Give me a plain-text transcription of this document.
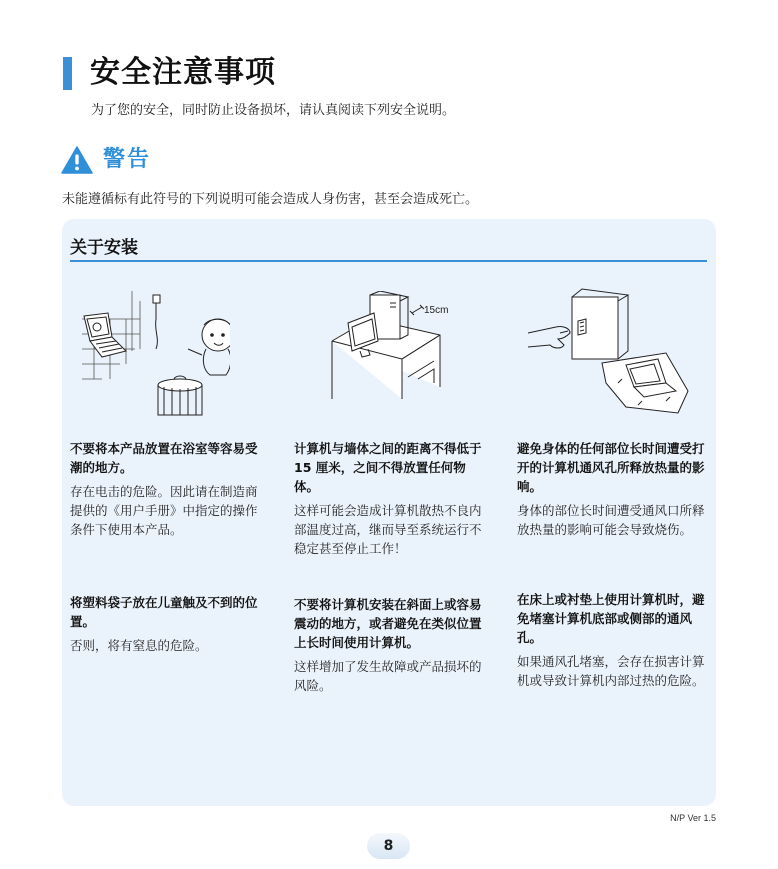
安全注意事项
为了您的安全，同时防止设备损坏，请认真阅读下列安全说明。
警告
未能遵循标有此符号的下列说明可能会造成人身伤害，甚至会造成死亡。
关于安装
15cm
不要将本产品放置在浴室等容易受潮的地方。
存在电击的危险。因此请在制造商提供的《用户手册》中指定的操作条件下使用本产品。
计算机与墙体之间的距离不得低于 15 厘米，之间不得放置任何物体。
这样可能会造成计算机散热不良内部温度过高，继而导至系统运行不稳定甚至停止工作！
避免身体的任何部位长时间遭受打开的计算机通风孔所释放热量的影响。
身体的部位长时间遭受通风口所释放热量的影响可能会导致烧伤。
将塑料袋子放在儿童触及不到的位置。
否则，将有窒息的危险。
不要将计算机安装在斜面上或容易震动的地方，或者避免在类似位置上长时间使用计算机。
这样增加了发生故障或产品损坏的风险。
在床上或衬垫上使用计算机时，避免堵塞计算机底部或侧部的通风孔。
如果通风孔堵塞，会存在损害计算机或导致计算机内部过热的危险。
N/P Ver 1.5
8
